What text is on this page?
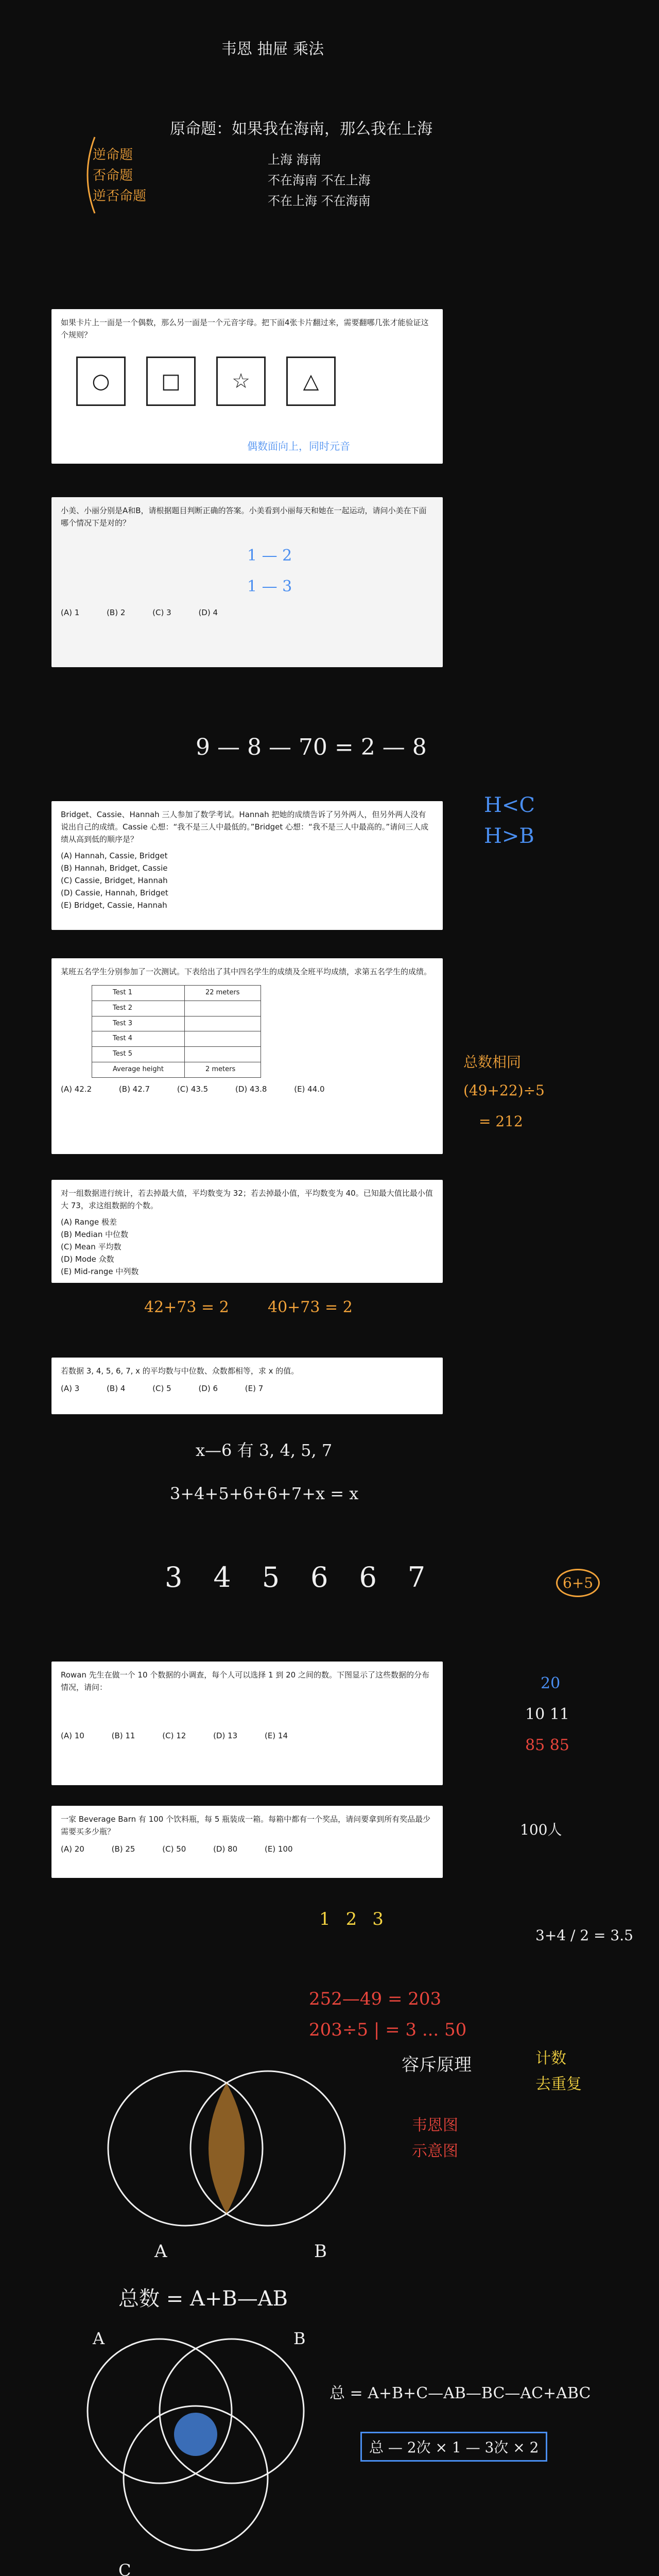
韦恩 抽屉 乘法
原命题：如果我在海南，那么我在上海
逆命题
否命题
逆否命题
上海 海南
不在海南 不在上海
不在上海 不在海南
如果卡片上一面是一个偶数，那么另一面是一个元音字母。把下面4张卡片翻过来，需要翻哪几张才能验证这个规则？
○	□	☆	△
偶数面向上，同时元音
小美、小丽分别是A和B，请根据题目判断正确的答案。小美看到小丽每天和她在一起运动，请问小美在下面哪个情况下是对的？
(A) 1	(B) 2	(C) 3	(D) 4
1 — 2
1 — 3
9 — 8 — 70 = 2 — 8
H<C
H>B
Bridget、Cassie、Hannah 三人参加了数学考试。Hannah 把她的成绩告诉了另外两人，但另外两人没有说出自己的成绩。Cassie 心想：“我不是三人中最低的。”Bridget 心想：“我不是三人中最高的。”请问三人成绩从高到低的顺序是？
(A) Hannah, Cassie, Bridget
(B) Hannah, Bridget, Cassie
(C) Cassie, Bridget, Hannah
(D) Cassie, Hannah, Bridget
(E) Bridget, Cassie, Hannah
某班五名学生分别参加了一次测试。下表给出了其中四名学生的成绩及全班平均成绩，求第五名学生的成绩。
Test 1	22 meters
Test 2	
Test 3	
Test 4	
Test 5	
Average height	2 meters
(A) 42.2	(B) 42.7	(C) 43.5	(D) 43.8	(E) 44.0
总数相同
(49+22)÷5
= 212
对一组数据进行统计，若去掉最大值，平均数变为 32；若去掉最小值，平均数变为 40。已知最大值比最小值大 73，求这组数据的个数。
(A) Range 极差
(B) Median 中位数
(C) Mean 平均数
(D) Mode 众数
(E) Mid-range 中列数
42+73 = 2	40+73 = 2
若数据 3, 4, 5, 6, 7, x 的平均数与中位数、众数都相等，求 x 的值。
(A) 3	(B) 4	(C) 5	(D) 6	(E) 7
x—6 有 3, 4, 5, 7
3+4+5+6+6+7+x = x
3 4 5 6 6 7	6+5
Rowan 先生在做一个 10 个数据的小调查，每个人可以选择 1 到 20 之间的数。下图显示了这些数据的分布情况，请问：
(A) 10	(B) 11	(C) 12	(D) 13	(E) 14
20
10 11
85 85
一家 Beverage Barn 有 100 个饮料瓶，每 5 瓶装成一箱。每箱中都有一个奖品，请问要拿到所有奖品最少需要买多少瓶？
(A) 20	(B) 25	(C) 50	(D) 80	(E) 100
100人
1 2 3
3+4 / 2 = 3.5
252—49 = 203
203÷5 | = 3 ... 50
A	B
容斥原理	计数
去重复
韦恩图
示意图
总数 = A+B—AB
A	B
C
总 = A+B+C—AB—BC—AC+ABC
总 — 2次 × 1 — 3次 × 2
